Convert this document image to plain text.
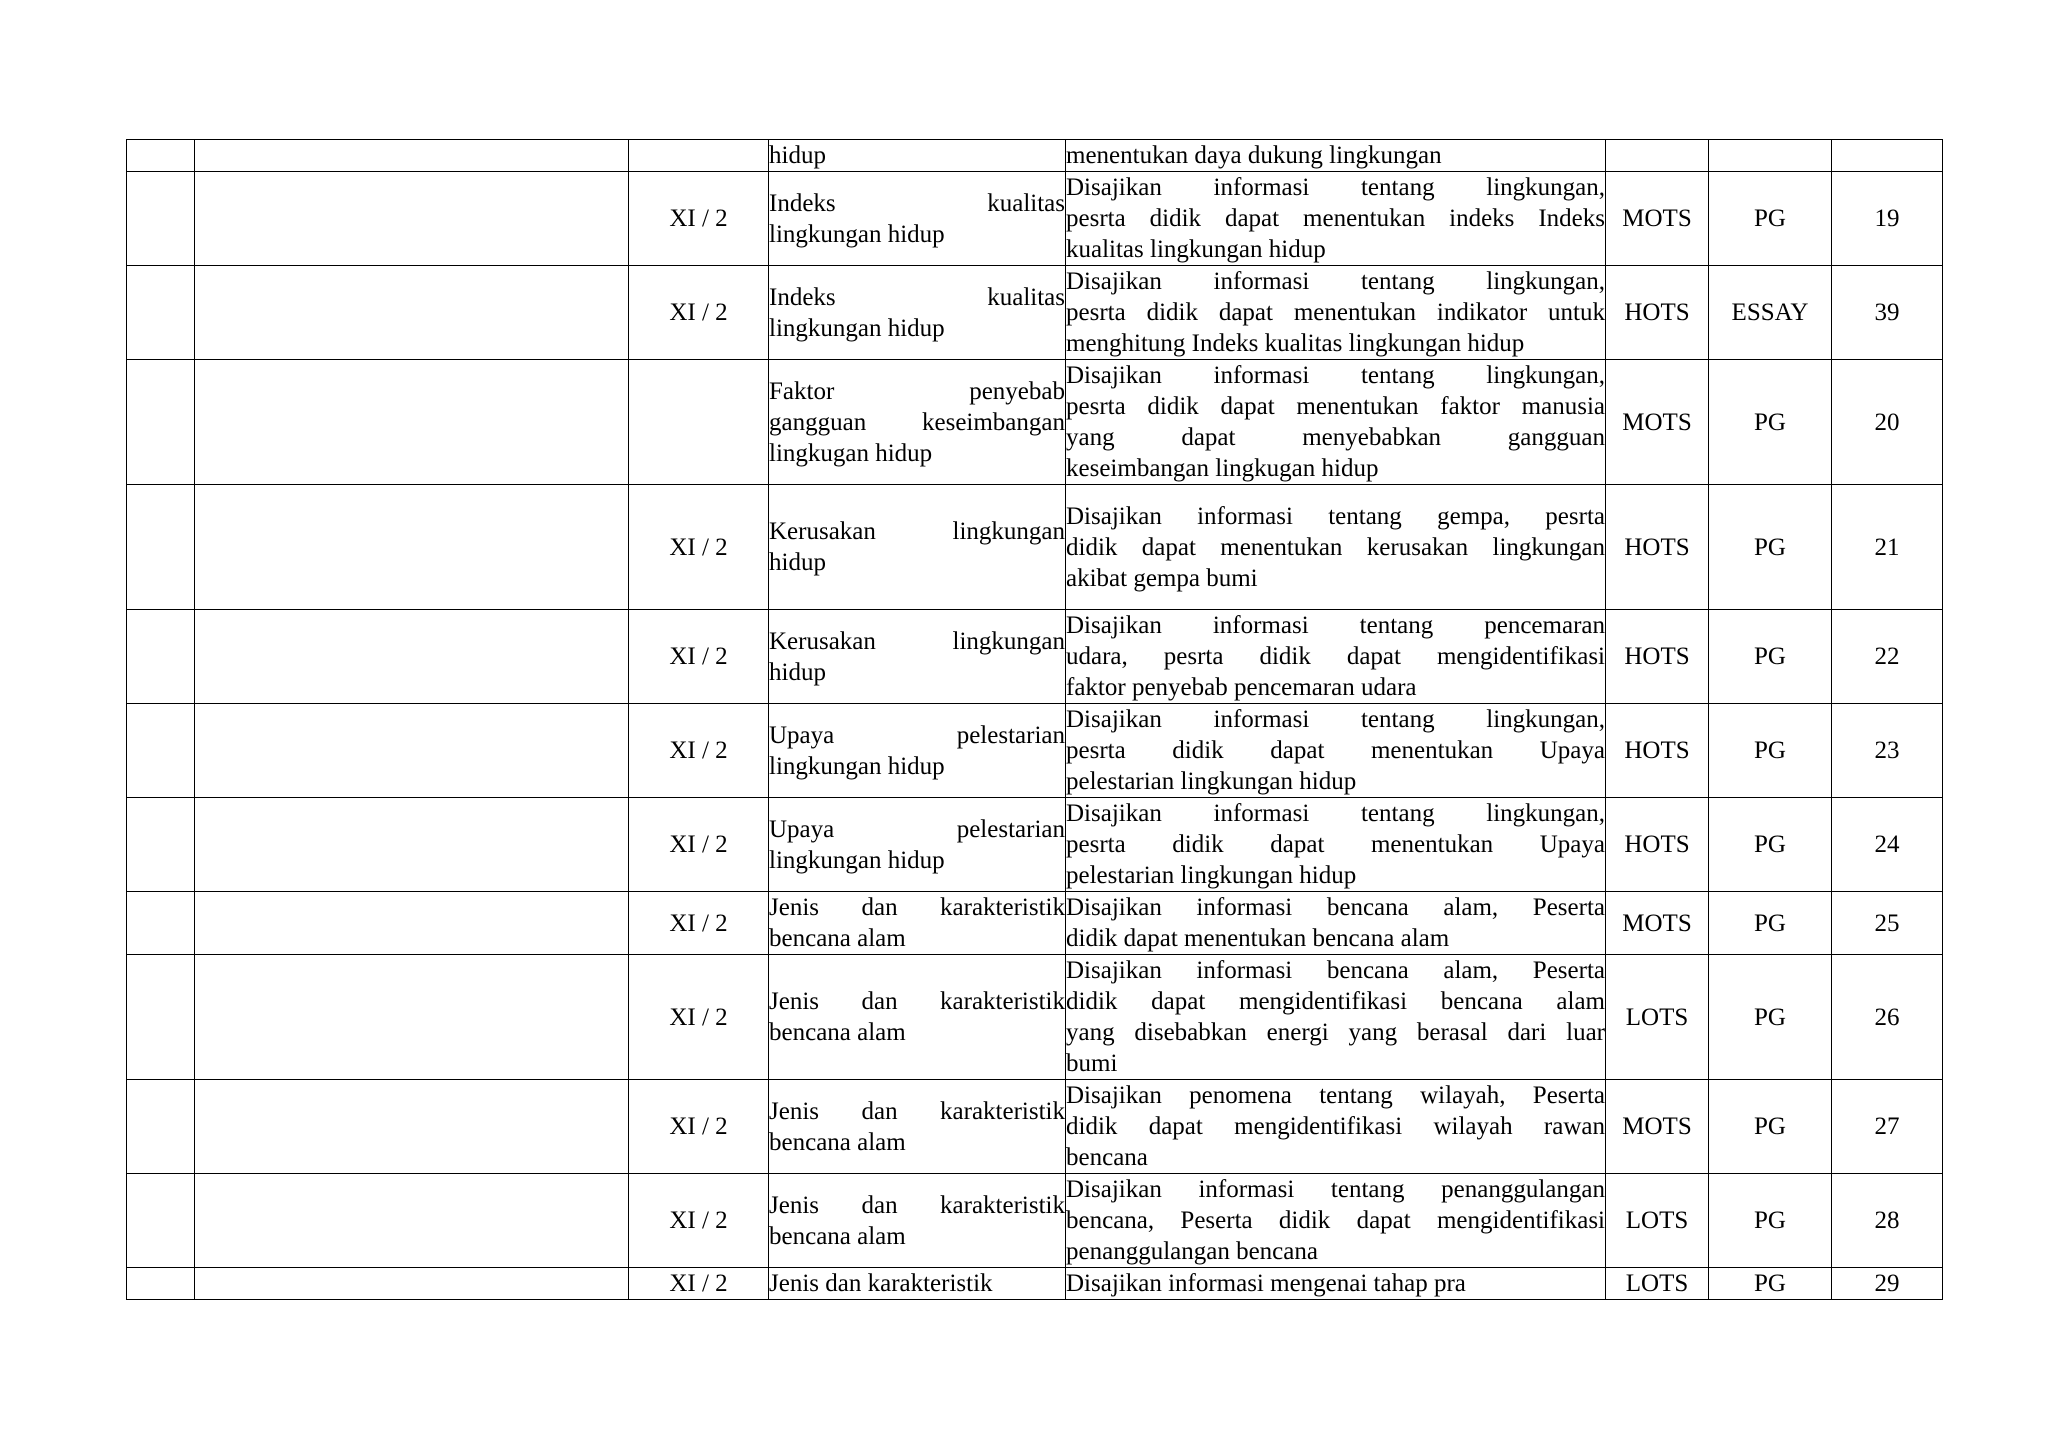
			hidup	menentukan daya dukung lingkungan			

		XI / 2	Indeks kualitas
lingkungan hidup	Disajikan informasi tentang lingkungan,
pesrta didik dapat menentukan indeks Indeks
kualitas lingkungan hidup	MOTS	PG	19
		XI / 2	Indeks kualitas
lingkungan hidup	Disajikan informasi tentang lingkungan,
pesrta didik dapat menentukan indikator untuk
menghitung Indeks kualitas lingkungan hidup	HOTS	ESSAY	39

			Faktor penyebab
gangguan keseimbangan
lingkugan hidup	Disajikan informasi tentang lingkungan,
pesrta didik dapat menentukan faktor manusia
yang dapat menyebabkan gangguan
keseimbangan lingkugan hidup	MOTS	PG	20
		XI / 2	Kerusakan lingkungan
hidup	Disajikan informasi tentang gempa, pesrta
didik dapat menentukan kerusakan lingkungan
akibat gempa bumi	HOTS	PG	21
		XI / 2	Kerusakan lingkungan
hidup	Disajikan informasi tentang pencemaran
udara, pesrta didik dapat mengidentifikasi
faktor penyebab pencemaran udara	HOTS	PG	22
		XI / 2	Upaya pelestarian
lingkungan hidup	Disajikan informasi tentang lingkungan,
pesrta didik dapat menentukan Upaya
pelestarian lingkungan hidup	HOTS	PG	23
		XI / 2	Upaya pelestarian
lingkungan hidup	Disajikan informasi tentang lingkungan,
pesrta didik dapat menentukan Upaya
pelestarian lingkungan hidup	HOTS	PG	24
		XI / 2	Jenis dan karakteristik
bencana alam	Disajikan informasi bencana alam, Peserta
didik dapat menentukan bencana alam	MOTS	PG	25
		XI / 2	Jenis dan karakteristik
bencana alam	Disajikan informasi bencana alam, Peserta
didik dapat mengidentifikasi bencana alam
yang disebabkan energi yang berasal dari luar
bumi	LOTS	PG	26
		XI / 2	Jenis dan karakteristik
bencana alam	Disajikan penomena tentang wilayah, Peserta
didik dapat mengidentifikasi wilayah rawan
bencana	MOTS	PG	27
		XI / 2	Jenis dan karakteristik
bencana alam	Disajikan informasi tentang penanggulangan
bencana, Peserta didik dapat mengidentifikasi
penanggulangan bencana	LOTS	PG	28
		XI / 2	Jenis dan karakteristik	Disajikan informasi mengenai tahap pra	LOTS	PG	29
